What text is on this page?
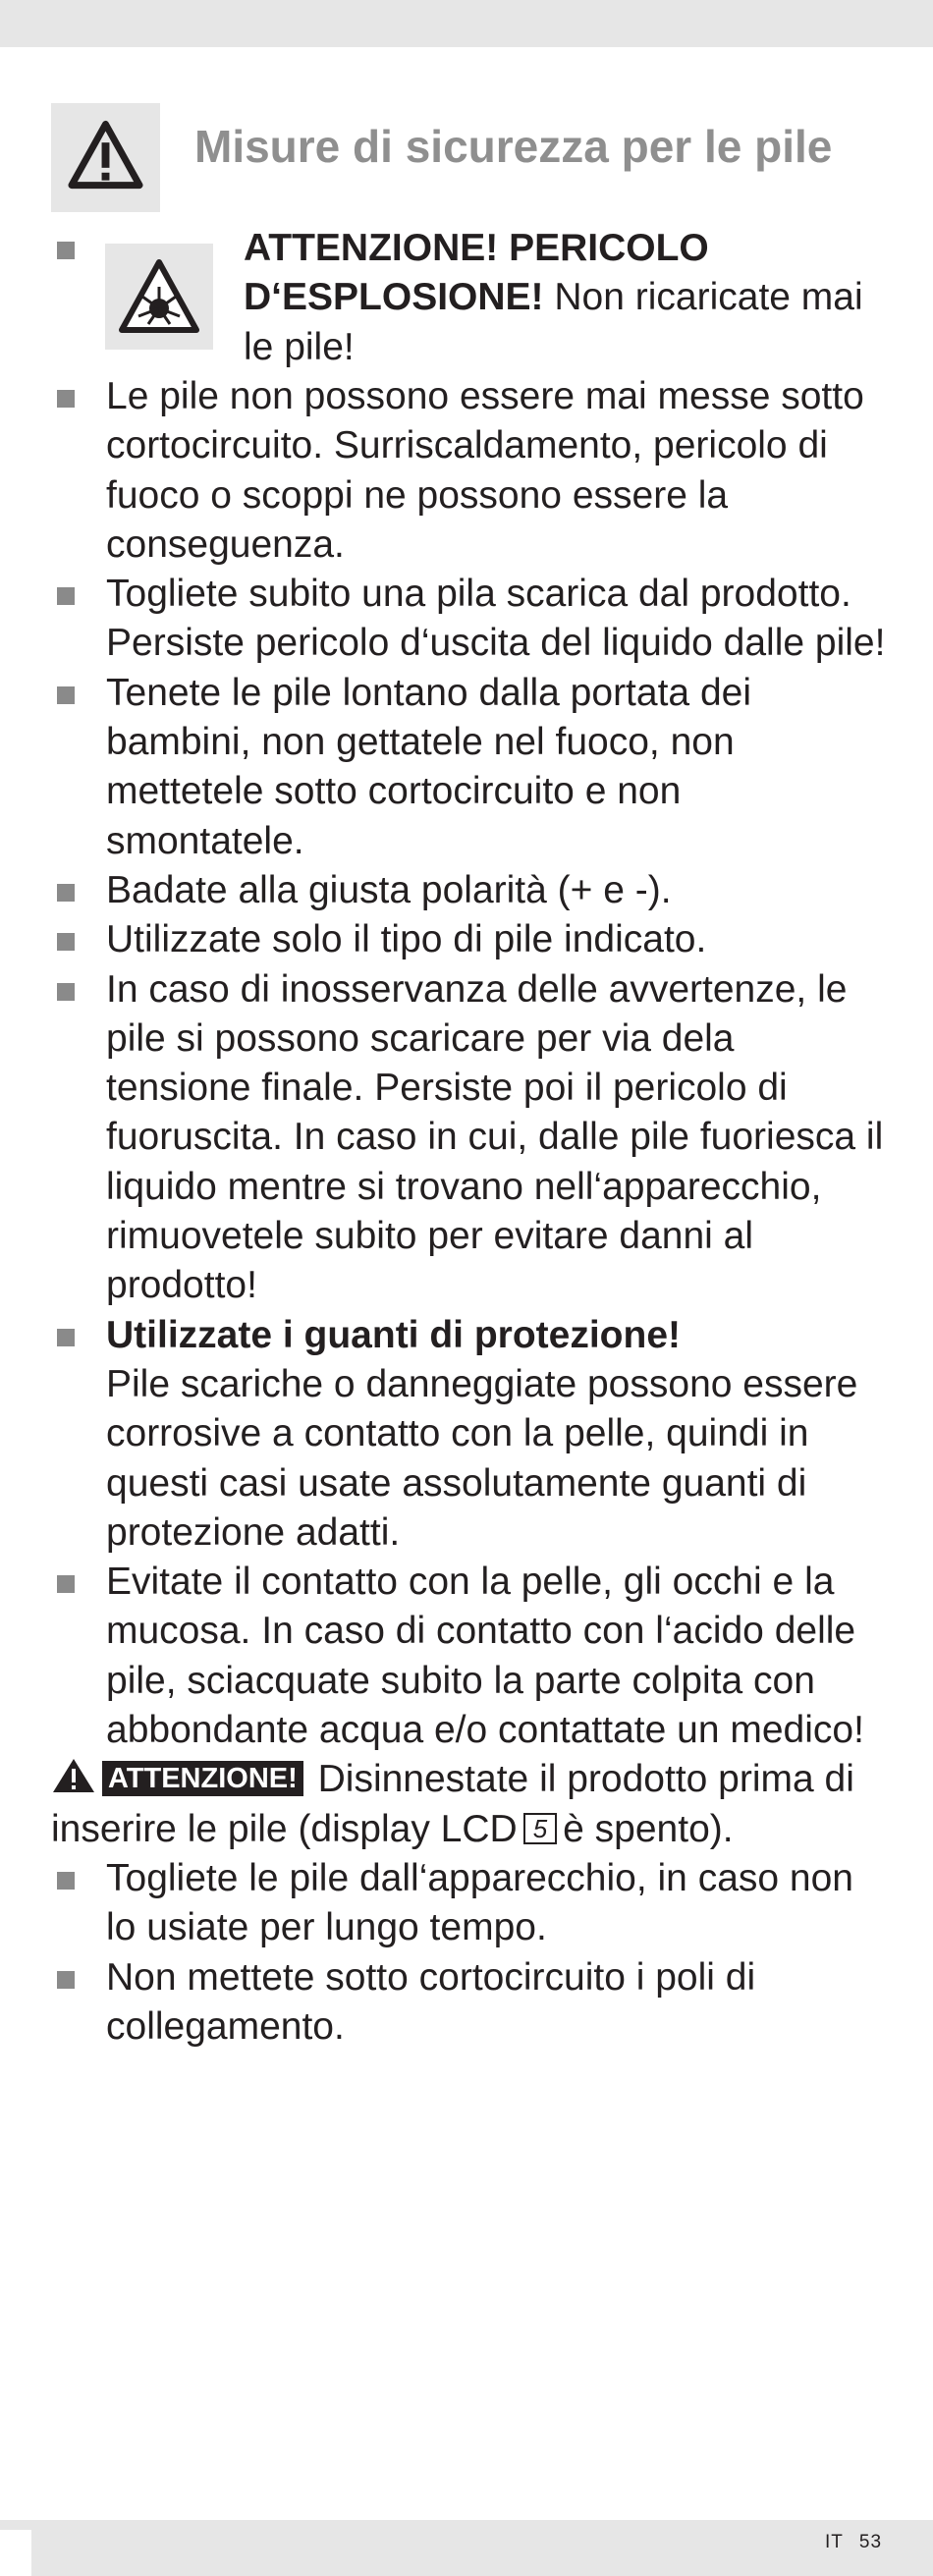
Misure di sicurezza per le pile
ATTENZIONE! PERICOLO D‘ESPLOSIONE! Non ricaricate mai le pile!
Le pile non possono essere mai messe sotto cortocircuito. Surriscaldamento, pericolo di fuoco o scoppi ne possono essere la conseguenza.
Togliete subito una pila scarica dal prodotto. Persiste pericolo d‘uscita del liquido dalle pile!
Tenete le pile lontano dalla portata dei bambini, non gettatele nel fuoco, non mettetele sotto cortocircuito e non smontatele.
Badate alla giusta polarità (+ e -).
Utilizzate solo il tipo di pile indicato.
In caso di inosservanza delle avvertenze, le pile si possono scaricare per via dela tensione finale. Persiste poi il pericolo di fuoruscita. In caso in cui, dalle pile fuoriesca il liquido mentre si trovano nell‘apparecchio, rimuovetele subito per evitare danni al prodotto!
Utilizzate i guanti di protezione!
Pile scariche o danneggiate possono essere corrosive a contatto con la pelle, quindi in questi casi usate assolutamente guanti di protezione adatti.
Evitate il contatto con la pelle, gli occhi e la mucosa. In caso di contatto con l‘acido delle pile, sciacquate subito la parte colpita con abbondante acqua e/o contattate un medico!
ATTENZIONE! Disinnestate il prodotto prima di inserire le pile (display LCD 5 è spento).
Togliete le pile dall‘apparecchio, in caso non lo usiate per lungo tempo.
Non mettete sotto cortocircuito i poli di collegamento.
IT 53
